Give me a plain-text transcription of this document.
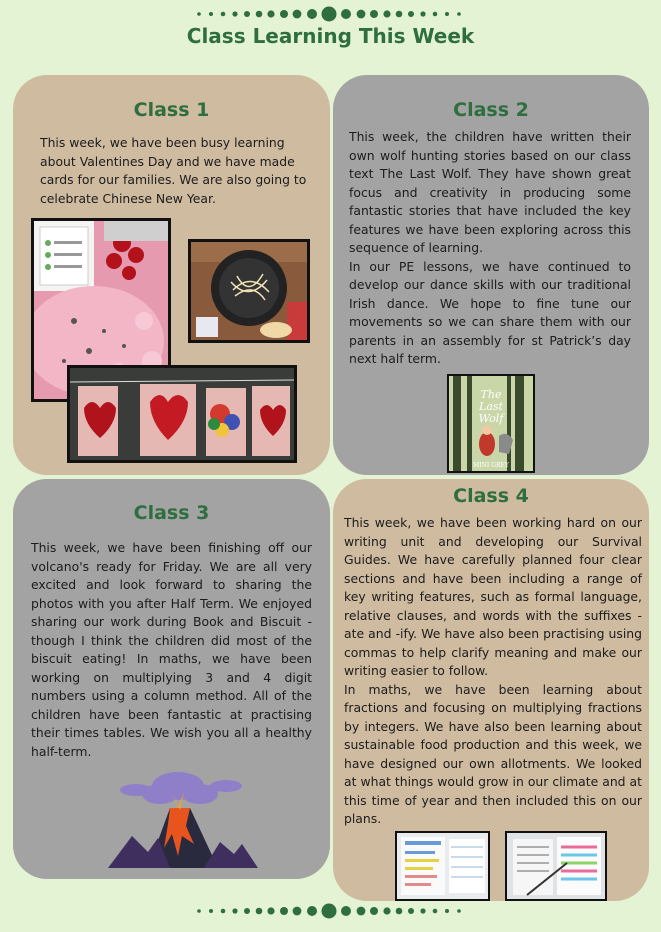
Class Learning This Week
Class 1
This week, we have been busy learning about Valentines Day and we have made cards for our families. We are also going to celebrate Chinese New Year.
Class 2

This week, the children have written their own wolf hunting stories based on our class text The Last Wolf. They have shown great focus and creativity in producing some fantastic stories that have included the key features we have been exploring across this sequence of learning.

In our PE lessons, we have continued to develop our dance skills with our traditional Irish dance. We hope to fine tune our movements so we can share them with our parents in an assembly for st Patrick’s day next half term.

The
Last
Wolf
MINI GREY
Class 3
This week, we have been finishing off our volcano's ready for Friday. We are all very excited and look forward to sharing the photos with you after Half Term. We enjoyed sharing our work during Book and Biscuit - though I think the children did most of the biscuit eating! In maths, we have been working on multiplying 3 and 4 digit numbers using a column method. All of the children have been fantastic at practising their times tables. We wish you all a healthy half-term.
Class 4

This week, we have been working hard on our writing unit and developing our Survival Guides. We have carefully planned four clear sections and have been including a range of key writing features, such as formal language, relative clauses, and words with the suffixes -ate and -ify. We have also been practising using commas to help clarify meaning and make our writing easier to follow.

In maths, we have been learning about fractions and focusing on multiplying fractions by integers. We have also been learning about sustainable food production and this week, we have designed our own allotments. We looked at what things would grow in our climate and at this time of year and then included this on our plans.
